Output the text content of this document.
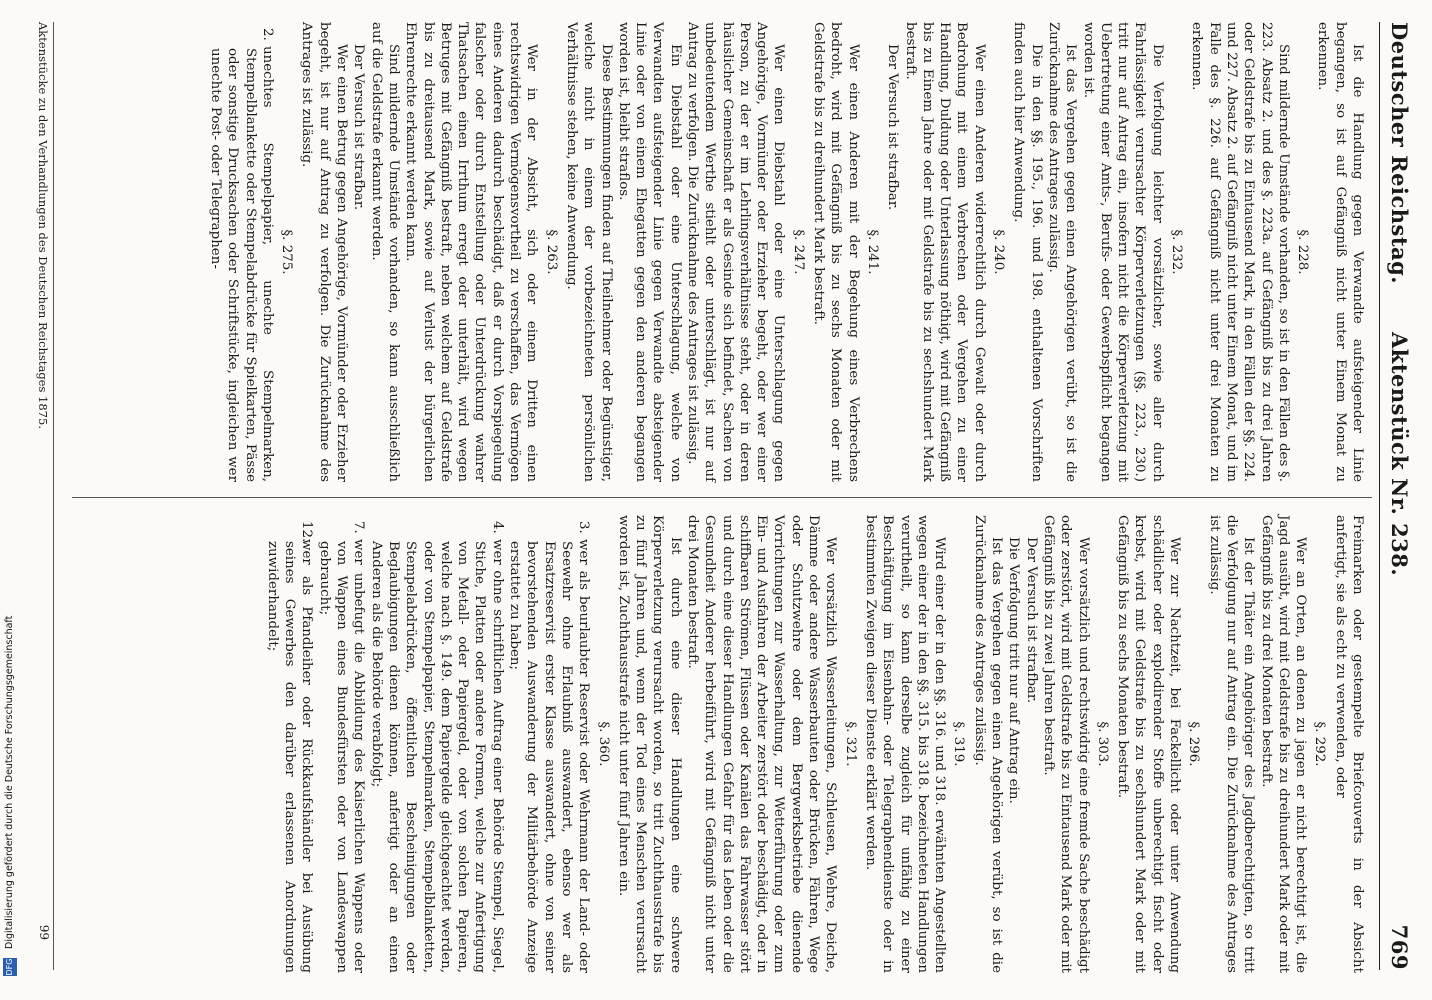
Deutscher Reichstag.
Aktenstück Nr. 238.
769
Ist die Handlung gegen Verwandte aufsteigender Linie begangen, so ist auf Gefängniß nicht unter Einem Monat zu erkennen.
§. 228.
Sind mildernde Umstände vorhanden, so ist in den Fällen des §. 223. Absatz 2. und des §. 223a. auf Gefängniß bis zu drei Jahren oder Geldstrafe bis zu Eintausend Mark, in den Fällen der §§. 224. und 227. Absatz 2. auf Gefängniß nicht unter Einem Monat, und im Falle des §. 226. auf Gefängniß nicht unter drei Monaten zu erkennen.
§. 232.
Die Verfolgung leichter vorsätzlicher, sowie aller durch Fahrlässigkeit verursachter Körperverletzungen (§§. 223., 230.) tritt nur auf Antrag ein, insofern nicht die Körperverletzung mit Uebertretung einer Amts-, Berufs- oder Gewerbspflicht begangen worden ist.
Ist das Vergehen gegen einen Angehörigen verübt, so ist die Zurücknahme des Antrages zulässig.
Die in den §§. 195., 196. und 198. enthaltenen Vorschriften finden auch hier Anwendung.
§. 240.
Wer einen Anderen widerrechtlich durch Gewalt oder durch Bedrohung mit einem Verbrechen oder Vergehen zu einer Handlung, Duldung oder Unterlassung nöthigt, wird mit Gefängniß bis zu Einem Jahre oder mit Geldstrafe bis zu sechshundert Mark bestraft.
Der Versuch ist strafbar.
§. 241.
Wer einen Anderen mit der Begehung eines Verbrechens bedroht, wird mit Gefängniß bis zu sechs Monaten oder mit Geldstrafe bis zu dreihundert Mark bestraft.
§. 247.
Wer einen Diebstahl oder eine Unterschlagung gegen Angehörige, Vormünder oder Erzieher begeht, oder wer einer Person, zu der er im Lehrlingsverhältnisse steht, oder in deren häuslicher Gemeinschaft er als Gesinde sich befindet, Sachen von unbedeutendem Werthe stiehlt oder unterschlägt, ist nur auf Antrag zu verfolgen. Die Zurücknahme des Antrages ist zulässig.
Ein Diebstahl oder eine Unterschlagung, welche von Verwandten aufsteigender Linie gegen Verwandte absteigender Linie oder von einem Ehegatten gegen den anderen begangen worden ist, bleibt straflos.
Diese Bestimmungen finden auf Theilnehmer oder Begünstiger, welche nicht in einem der vorbezeichneten persönlichen Verhältnisse stehen, keine Anwendung.
§. 263.
Wer in der Absicht, sich oder einem Dritten einen rechtswidrigen Vermögensvortheil zu verschaffen, das Vermögen eines Anderen dadurch beschädigt, daß er durch Vorspiegelung falscher oder durch Entstellung oder Unterdrückung wahrer Thatsachen einen Irrthum erregt oder unterhält, wird wegen Betruges mit Gefängniß bestraft, neben welchem auf Geldstrafe bis zu dreitausend Mark, sowie auf Verlust der bürgerlichen Ehrenrechte erkannt werden kann.
Sind mildernde Umstände vorhanden, so kann ausschließlich auf die Geldstrafe erkannt werden.
Der Versuch ist strafbar.
Wer einen Betrug gegen Angehörige, Vormünder oder Erzieher begeht, ist nur auf Antrag zu verfolgen. Die Zurücknahme des Antrages ist zulässig.
§. 275.
2.unechtes Stempelpapier, unechte Stempelmarken, Stempelblankette oder Stempelabdrücke für Spielkarten, Pässe oder sonstige Drucksachen oder Schriftstücke, ingleichen wer unechte Post- oder Telegraphen-
Freimarken oder gestempelte Briefcouverts in der Absicht anfertigt, sie als echt zu verwenden, oder
§. 292.
Wer an Orten, an denen zu jagen er nicht berechtigt ist, die Jagd ausübt, wird mit Geldstrafe bis zu dreihundert Mark oder mit Gefängniß bis zu drei Monaten bestraft.
Ist der Thäter ein Angehöriger des Jagdberechtigten, so tritt die Verfolgung nur auf Antrag ein. Die Zurücknahme des Antrages ist zulässig.
§. 296.
Wer zur Nachtzeit, bei Fackellicht oder unter Anwendung schädlicher oder explodirender Stoffe unberechtigt fischt oder krebst, wird mit Geldstrafe bis zu sechshundert Mark oder mit Gefängniß bis zu sechs Monaten bestraft.
§. 303.
Wer vorsätzlich und rechtswidrig eine fremde Sache beschädigt oder zerstört, wird mit Geldstrafe bis zu Eintausend Mark oder mit Gefängniß bis zu zwei Jahren bestraft.
Der Versuch ist strafbar.
Die Verfolgung tritt nur auf Antrag ein.
Ist das Vergehen gegen einen Angehörigen verübt, so ist die Zurücknahme des Antrages zulässig.
§. 319.
Wird einer der in den §§. 316. und 318. erwähnten Angestellten wegen einer der in den §§. 315. bis 318. bezeichneten Handlungen verurtheilt, so kann derselbe zugleich für unfähig zu einer Beschäftigung im Eisenbahn- oder Telegraphendienste oder in bestimmten Zweigen dieser Dienste erklärt werden.
§. 321.
Wer vorsätzlich Wasserleitungen, Schleusen, Wehre, Deiche, Dämme oder andere Wasserbauten oder Brücken, Fähren, Wege oder Schutzwehre oder dem Bergwerksbetriebe dienende Vorrichtungen zur Wasserhaltung, zur Wetterführung oder zum Ein- und Ausfahren der Arbeiter zerstört oder beschädigt, oder in schiffbaren Strömen, Flüssen oder Kanälen das Fahrwasser stört und durch eine dieser Handlungen Gefahr für das Leben oder die Gesundheit Anderer herbeiführt, wird mit Gefängniß nicht unter drei Monaten bestraft.
Ist durch eine dieser Handlungen eine schwere Körperverletzung verursacht worden, so tritt Zuchthausstrafe bis zu fünf Jahren und, wenn der Tod eines Menschen verursacht worden ist, Zuchthausstrafe nicht unter fünf Jahren ein.
§. 360.
3.wer als beurlaubter Reservist oder Wehrmann der Land- oder Seewehr ohne Erlaubniß auswandert, ebenso wer als Ersatzreservist erster Klasse auswandert, ohne von seiner bevorstehenden Auswanderung der Militärbehörde Anzeige erstattet zu haben;
4.wer ohne schriftlichen Auftrag einer Behörde Stempel, Siegel, Stiche, Platten oder andere Formen, welche zur Anfertigung von Metall- oder Papiergeld, oder von solchen Papieren, welche nach §. 149. dem Papiergelde gleichgeachtet werden, oder von Stempelpapier, Stempelmarken, Stempelblanketten, Stempelabdrücken, öffentlichen Bescheinigungen oder Beglaubigungen dienen können, anfertigt oder an einen Anderen als die Behörde verabfolgt;
7.wer unbefugt die Abbildung des Kaiserlichen Wappens oder von Wappen eines Bundesfürsten oder von Landeswappen gebraucht;
12.wer als Pfandleiher oder Rückkaufshändler bei Ausübung seines Gewerbes den darüber erlassenen Anordnungen zuwiderhandelt;
Aktenstücke zu den Verhandlungen des Deutschen Reichstages 1875.
99
DFG Digitalisierung gefördert durch die Deutsche Forschungsgemeinschaft
